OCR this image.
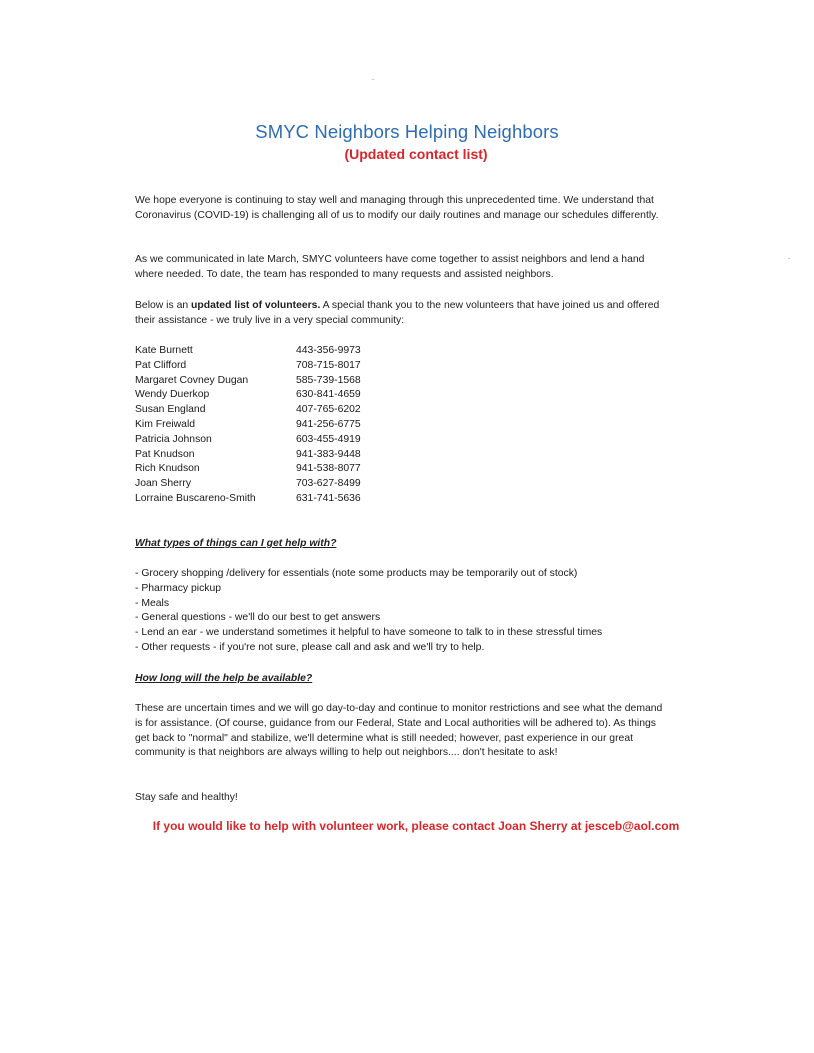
SMYC Neighbors Helping Neighbors
(Updated contact list)
We hope everyone is continuing to stay well and managing through this unprecedented time. We understand that Coronavirus (COVID-19) is challenging all of us to modify our daily routines and manage our schedules differently.
As we communicated in late March, SMYC volunteers have come together to assist neighbors and lend a hand where needed. To date, the team has responded to many requests and assisted neighbors.
Below is an updated list of volunteers. A special thank you to the new volunteers that have joined us and offered their assistance - we truly live in a very special community:
Kate Burnett	443-356-9973
Pat Clifford	708-715-8017
Margaret Covney Dugan	585-739-1568
Wendy Duerkop	630-841-4659
Susan England	407-765-6202
Kim Freiwald	941-256-6775
Patricia Johnson	603-455-4919
Pat Knudson	941-383-9448
Rich Knudson	941-538-8077
Joan Sherry	703-627-8499
Lorraine Buscareno-Smith	631-741-5636
What types of things can I get help with?
- Grocery shopping /delivery for essentials (note some products may be temporarily out of stock)
- Pharmacy pickup
- Meals
- General questions - we'll do our best to get answers
- Lend an ear - we understand sometimes it helpful to have someone to talk to in these stressful times
- Other requests - if you're not sure, please call and ask and we'll try to help.
How long will the help be available?
These are uncertain times and we will go day-to-day and continue to monitor restrictions and see what the demand is for assistance. (Of course, guidance from our Federal, State and Local authorities will be adhered to). As things get back to "normal" and stabilize, we'll determine what is still needed; however, past experience in our great community is that neighbors are always willing to help out neighbors.... don't hesitate to ask!
Stay safe and healthy!
If you would like to help with volunteer work, please contact Joan Sherry at jesceb@aol.com
